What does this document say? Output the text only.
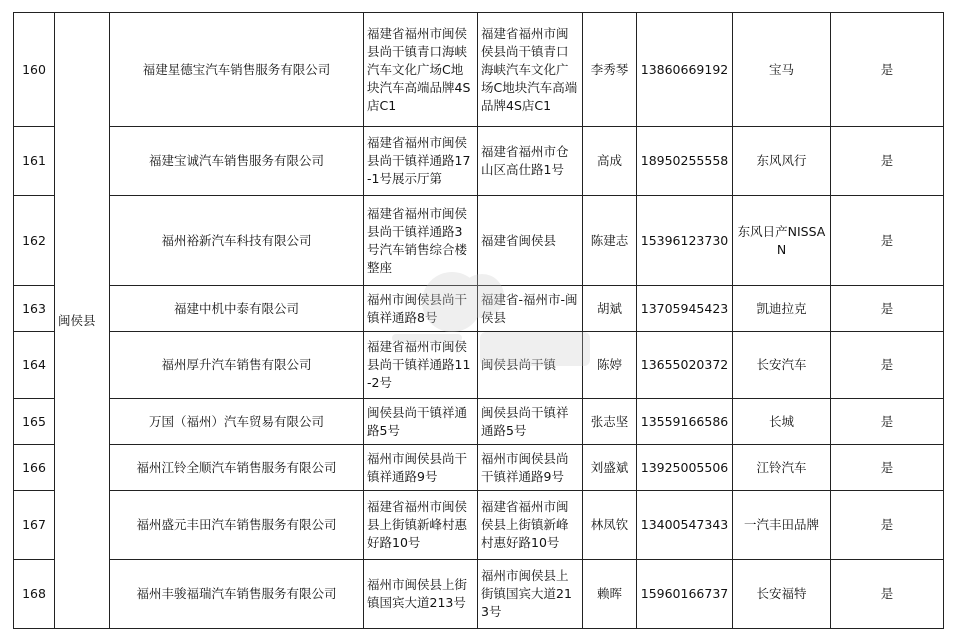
160	闽侯县	福建星德宝汽车销售服务有限公司	福建省福州市闽侯县尚干镇青口海峡汽车文化广场C地块汽车高端品牌4S店C1	福建省福州市闽侯县尚干镇青口海峡汽车文化广场C地块汽车高端品牌4S店C1	李秀琴	13860669192	宝马	是
161		福建宝诚汽车销售服务有限公司	福建省福州市闽侯县尚干镇祥通路17-1号展示厅第	福建省福州市仓山区高仕路1号	高成	18950255558	东风风行	是
162		福州裕新汽车科技有限公司	福建省福州市闽侯县尚干镇祥通路3号汽车销售综合楼整座	福建省闽侯县	陈建志	15396123730	东风日产NISSAN	是
163		福建中机中泰有限公司	福州市闽侯县尚干镇祥通路8号	福建省-福州市-闽侯县	胡斌	13705945423	凯迪拉克	是
164		福州厚升汽车销售有限公司	福建省福州市闽侯县尚干镇祥通路11-2号	闽侯县尚干镇	陈婷	13655020372	长安汽车	是
165		万国（福州）汽车贸易有限公司	闽侯县尚干镇祥通路5号	闽侯县尚干镇祥通路5号	张志坚	13559166586	长城	是
166		福州江铃全顺汽车销售服务有限公司	福州市闽侯县尚干镇祥通路9号	福州市闽侯县尚干镇祥通路9号	刘盛斌	13925005506	江铃汽车	是
167		福州盛元丰田汽车销售服务有限公司	福建省福州市闽侯县上街镇新峰村惠好路10号	福建省福州市闽侯县上街镇新峰村惠好路10号	林凤钦	13400547343	一汽丰田品牌	是
168		福州丰骏福瑞汽车销售服务有限公司	福州市闽侯县上街镇国宾大道213号	福州市闽侯县上街镇国宾大道213号	赖晖	15960166737	长安福特	是
